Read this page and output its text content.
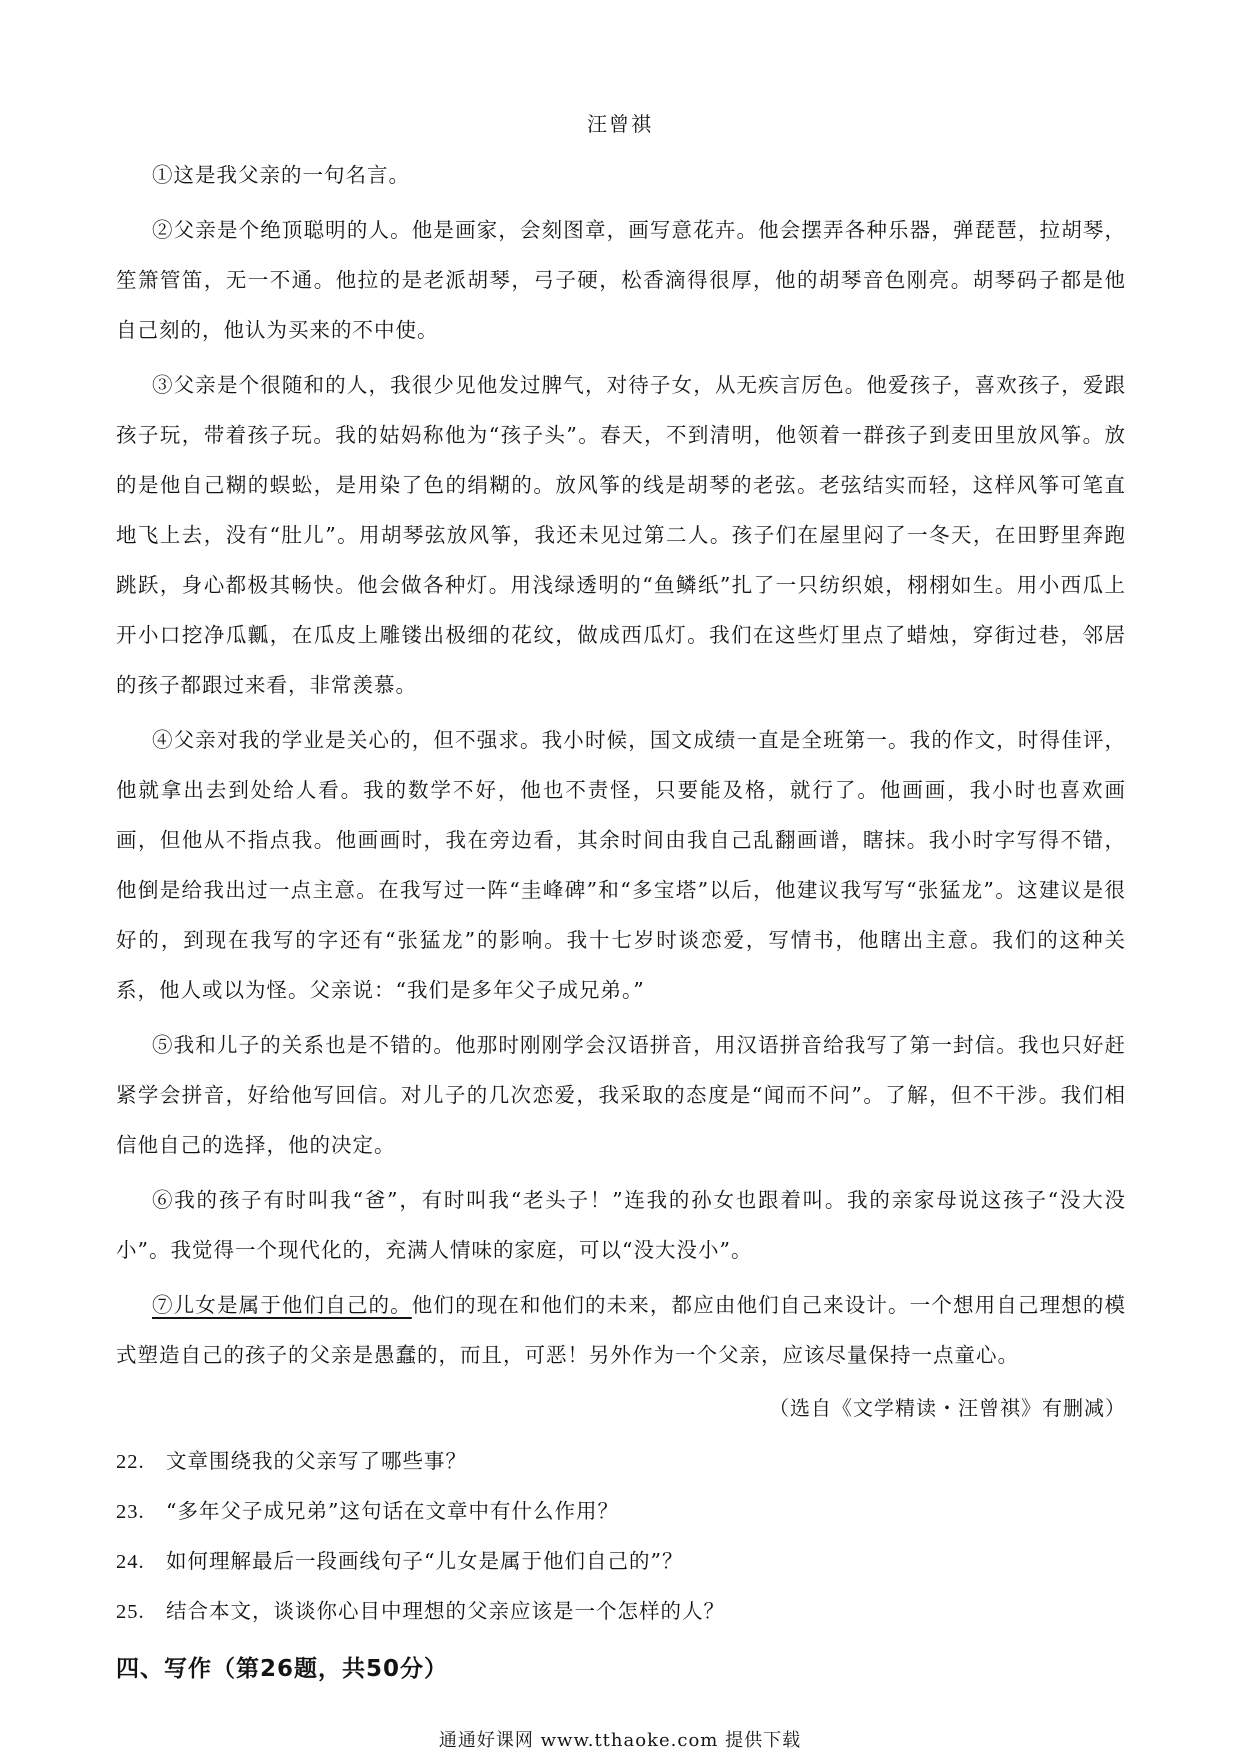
汪曾祺

①这是我父亲的一句名言。

②父亲是个绝顶聪明的人。他是画家，会刻图章，画写意花卉。他会摆弄各种乐器，弹琵琶，拉胡琴，笙箫管笛，无一不通。他拉的是老派胡琴，弓子硬，松香滴得很厚，他的胡琴音色刚亮。胡琴码子都是他自己刻的，他认为买来的不中使。

③父亲是个很随和的人，我很少见他发过脾气，对待子女，从无疾言厉色。他爱孩子，喜欢孩子，爱跟孩子玩，带着孩子玩。我的姑妈称他为“孩子头”。春天，不到清明，他领着一群孩子到麦田里放风筝。放的是他自己糊的蜈蚣，是用染了色的绢糊的。放风筝的线是胡琴的老弦。老弦结实而轻，这样风筝可笔直地飞上去，没有“肚儿”。用胡琴弦放风筝，我还未见过第二人。孩子们在屋里闷了一冬天，在田野里奔跑跳跃，身心都极其畅快。他会做各种灯。用浅绿透明的“鱼鳞纸”扎了一只纺织娘，栩栩如生。用小西瓜上开小口挖净瓜瓤，在瓜皮上雕镂出极细的花纹，做成西瓜灯。我们在这些灯里点了蜡烛，穿街过巷，邻居的孩子都跟过来看，非常羡慕。

④父亲对我的学业是关心的，但不强求。我小时候，国文成绩一直是全班第一。我的作文，时得佳评，他就拿出去到处给人看。我的数学不好，他也不责怪，只要能及格，就行了。他画画，我小时也喜欢画画，但他从不指点我。他画画时，我在旁边看，其余时间由我自己乱翻画谱，瞎抹。我小时字写得不错，他倒是给我出过一点主意。在我写过一阵“圭峰碑”和“多宝塔”以后，他建议我写写“张猛龙”。这建议是很好的，到现在我写的字还有“张猛龙”的影响。我十七岁时谈恋爱，写情书，他瞎出主意。我们的这种关系，他人或以为怪。父亲说：“我们是多年父子成兄弟。”

⑤我和儿子的关系也是不错的。他那时刚刚学会汉语拼音，用汉语拼音给我写了第一封信。我也只好赶紧学会拼音，好给他写回信。对儿子的几次恋爱，我采取的态度是“闻而不问”。了解，但不干涉。我们相信他自己的选择，他的决定。

⑥我的孩子有时叫我“爸”，有时叫我“老头子！”连我的孙女也跟着叫。我的亲家母说这孩子“没大没小”。我觉得一个现代化的，充满人情味的家庭，可以“没大没小”。

⑦儿女是属于他们自己的。他们的现在和他们的未来，都应由他们自己来设计。一个想用自己理想的模式塑造自己的孩子的父亲是愚蠢的，而且，可恶！另外作为一个父亲，应该尽量保持一点童心。

（选自《文学精读・汪曾祺》有删减）
22. 文章围绕我的父亲写了哪些事？
23. “多年父子成兄弟”这句话在文章中有什么作用？
24. 如何理解最后一段画线句子“儿女是属于他们自己的”？
25. 结合本文，谈谈你心目中理想的父亲应该是一个怎样的人？
四、写作（第26题，共50分）
通通好课网 www.tthaoke.com 提供下载
